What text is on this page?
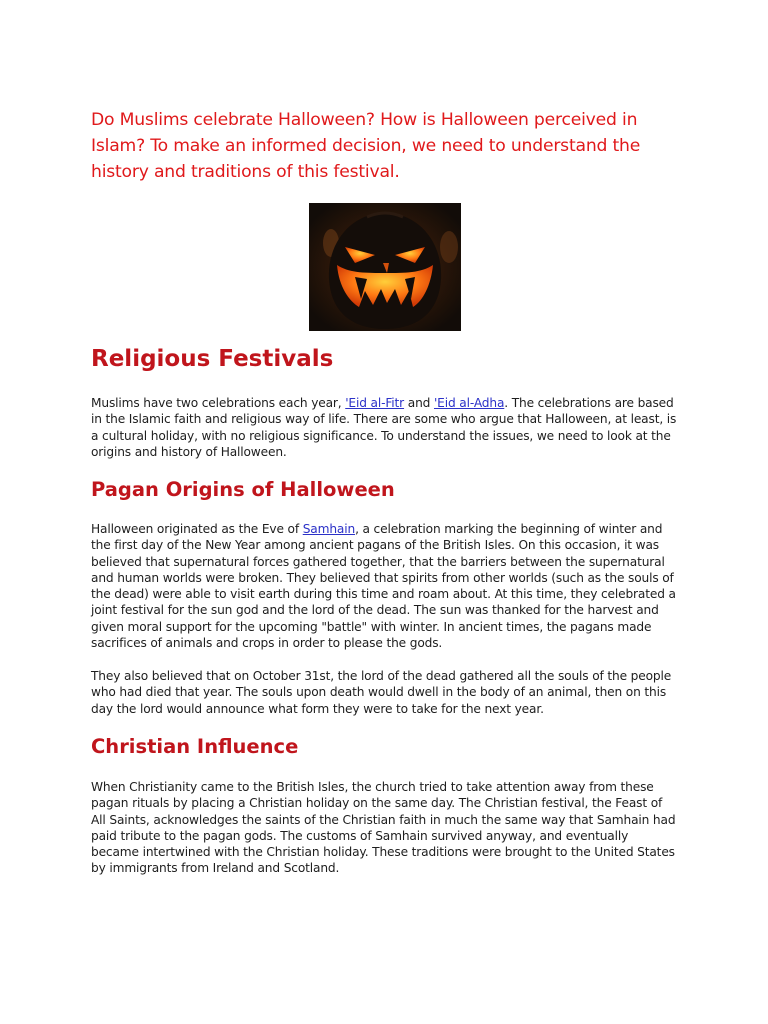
Do Muslims celebrate Halloween? How is Halloween perceived in Islam? To make an informed decision, we need to understand the history and traditions of this festival.

Religious Festivals

Muslims have two celebrations each year, 'Eid al-Fitr and 'Eid al-Adha. The celebrations are based in the Islamic faith and religious way of life. There are some who argue that Halloween, at least, is a cultural holiday, with no religious significance. To understand the issues, we need to look at the origins and history of Halloween.

Pagan Origins of Halloween

Halloween originated as the Eve of Samhain, a celebration marking the beginning of winter and the first day of the New Year among ancient pagans of the British Isles. On this occasion, it was believed that supernatural forces gathered together, that the barriers between the supernatural and human worlds were broken. They believed that spirits from other worlds (such as the souls of the dead) were able to visit earth during this time and roam about. At this time, they celebrated a joint festival for the sun god and the lord of the dead. The sun was thanked for the harvest and given moral support for the upcoming "battle" with winter. In ancient times, the pagans made sacrifices of animals and crops in order to please the gods.

They also believed that on October 31st, the lord of the dead gathered all the souls of the people who had died that year. The souls upon death would dwell in the body of an animal, then on this day the lord would announce what form they were to take for the next year.

Christian Influence

When Christianity came to the British Isles, the church tried to take attention away from these pagan rituals by placing a Christian holiday on the same day. The Christian festival, the Feast of All Saints, acknowledges the saints of the Christian faith in much the same way that Samhain had paid tribute to the pagan gods. The customs of Samhain survived anyway, and eventually became intertwined with the Christian holiday. These traditions were brought to the United States by immigrants from Ireland and Scotland.
